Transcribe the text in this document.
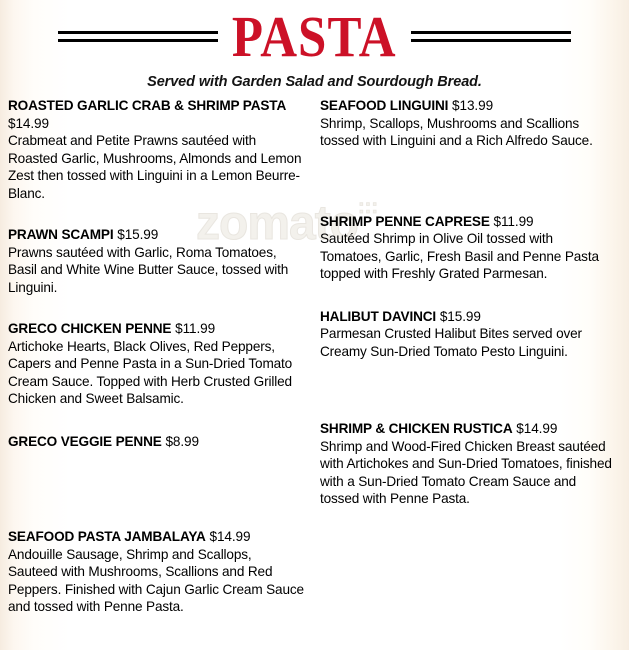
PASTA
Served with Garden Salad and Sourdough Bread.
zomato:::

ROASTED GARLIC CRAB & SHRIMP PASTA $14.99

Crabmeat and Petite Prawns sautéed with Roasted Garlic, Mushrooms, Almonds and Lemon Zest then tossed with Linguini in a Lemon Beurre-Blanc.

PRAWN SCAMPI $15.99

Prawns sautéed with Garlic, Roma Tomatoes, Basil and White Wine Butter Sauce, tossed with Linguini.

GRECO CHICKEN PENNE $11.99

Artichoke Hearts, Black Olives, Red Peppers, Capers and Penne Pasta in a Sun-Dried Tomato Cream Sauce. Topped with Herb Crusted Grilled Chicken and Sweet Balsamic.

GRECO VEGGIE PENNE $8.99

SEAFOOD PASTA JAMBALAYA $14.99

Andouille Sausage, Shrimp and Scallops, Sauteed with Mushrooms, Scallions and Red Peppers. Finished with Cajun Garlic Cream Sauce and tossed with Penne Pasta.

SEAFOOD LINGUINI $13.99

Shrimp, Scallops, Mushrooms and Scallions tossed with Linguini and a Rich Alfredo Sauce.

SHRIMP PENNE CAPRESE $11.99

Sautéed Shrimp in Olive Oil tossed with Tomatoes, Garlic, Fresh Basil and Penne Pasta topped with Freshly Grated Parmesan.

HALIBUT DAVINCI $15.99

Parmesan Crusted Halibut Bites served over Creamy Sun-Dried Tomato Pesto Linguini.

SHRIMP & CHICKEN RUSTICA $14.99

Shrimp and Wood-Fired Chicken Breast sautéed with Artichokes and Sun-Dried Tomatoes, finished with a Sun-Dried Tomato Cream Sauce and tossed with Penne Pasta.
